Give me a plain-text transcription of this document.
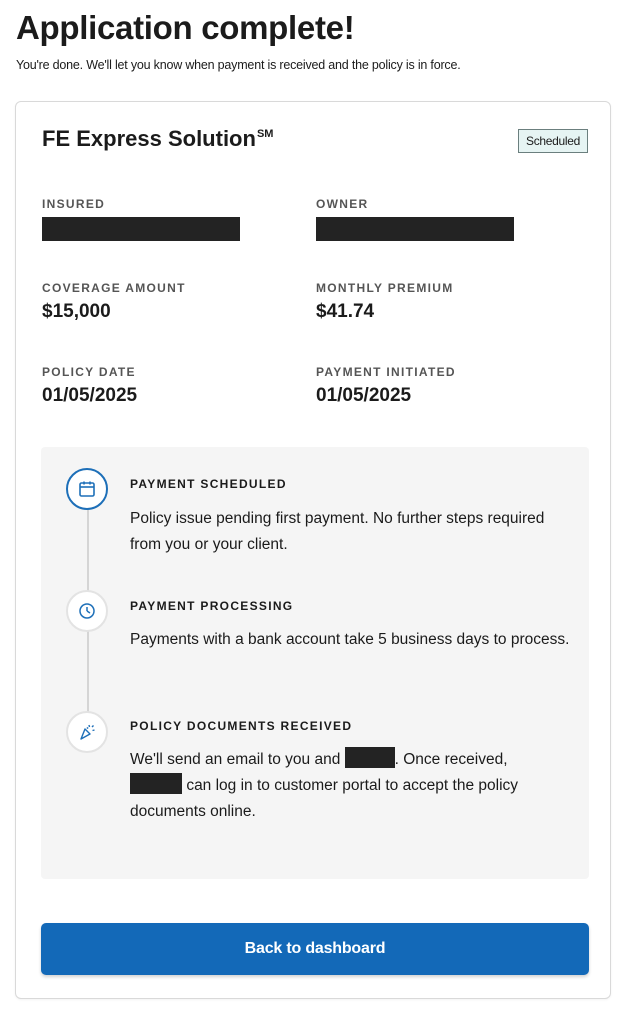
Application complete!

You're done. We'll let you know when payment is received and the policy is in force.

FE Express Solution℠	Scheduled
INSURED	OWNER
COVERAGE AMOUNT
$15,000
MONTHLY PREMIUM
$41.74
POLICY DATE
01/05/2025
PAYMENT INITIATED
01/05/2025
PAYMENT SCHEDULED
Policy issue pending first payment. No further steps required from you or your client.
PAYMENT PROCESSING
Payments with a bank account take 5 business days to process.
POLICY DOCUMENTS RECEIVED
We'll send an email to you and	. Once received,
can log in to customer portal to accept the policy documents online.
Back to dashboard
